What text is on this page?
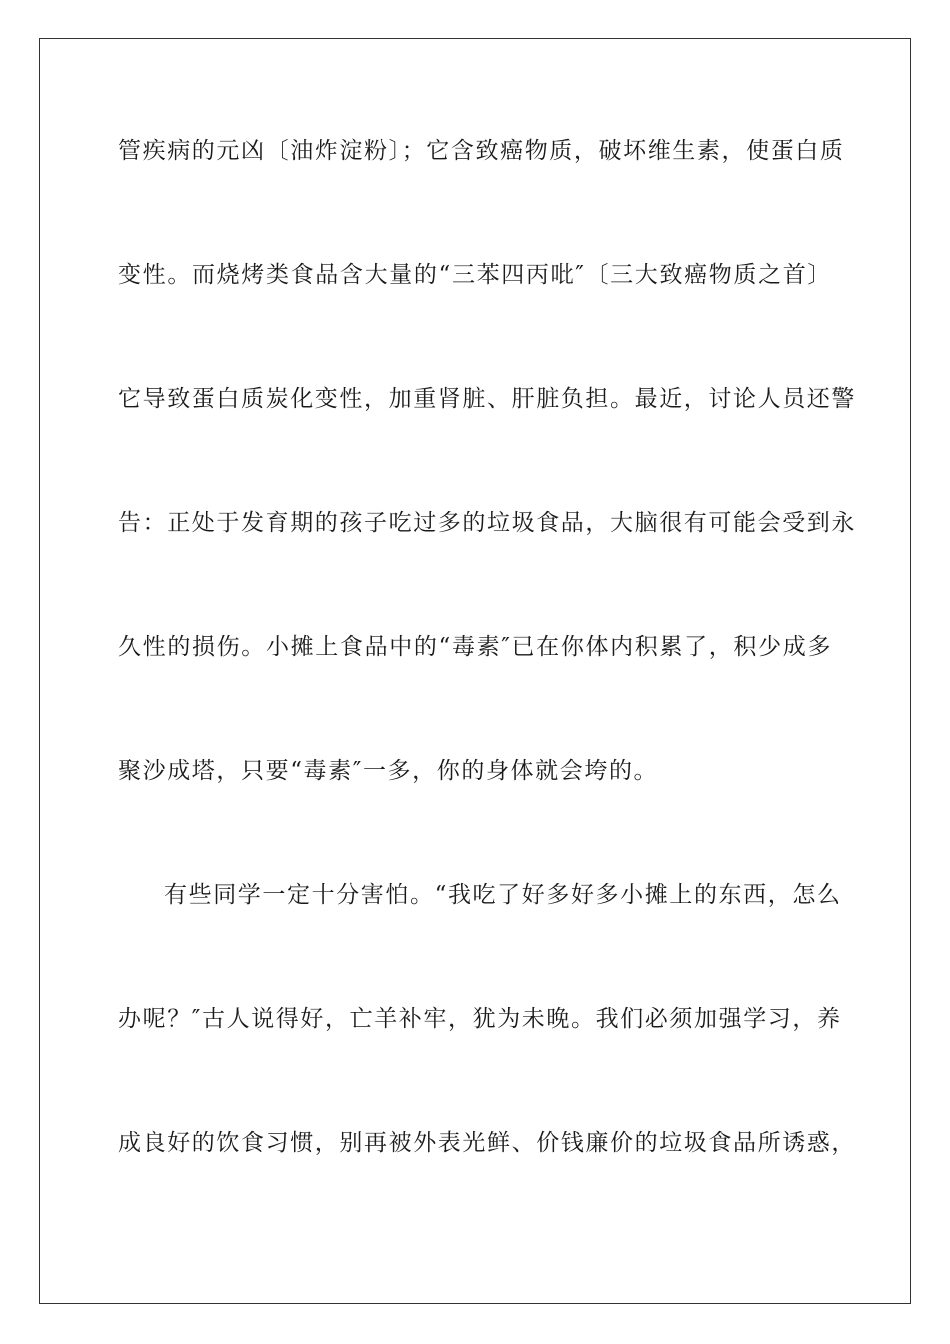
管疾病的元凶〔油炸淀粉〕；它含致癌物质，破坏维生素，使蛋白质
变性。而烧烤类食品含大量的“三苯四丙吡″〔三大致癌物质之首〕
它导致蛋白质炭化变性，加重肾脏、肝脏负担。最近，讨论人员还警
告：正处于发育期的孩子吃过多的垃圾食品，大脑很有可能会受到永
久性的损伤。小摊上食品中的“毒素″已在你体内积累了，积少成多
聚沙成塔，只要“毒素″一多，你的身体就会垮的。
有些同学一定十分害怕。“我吃了好多好多小摊上的东西，怎么
办呢？″古人说得好，亡羊补牢，犹为未晚。我们必须加强学习，养
成良好的饮食习惯，别再被外表光鲜、价钱廉价的垃圾食品所诱惑，
